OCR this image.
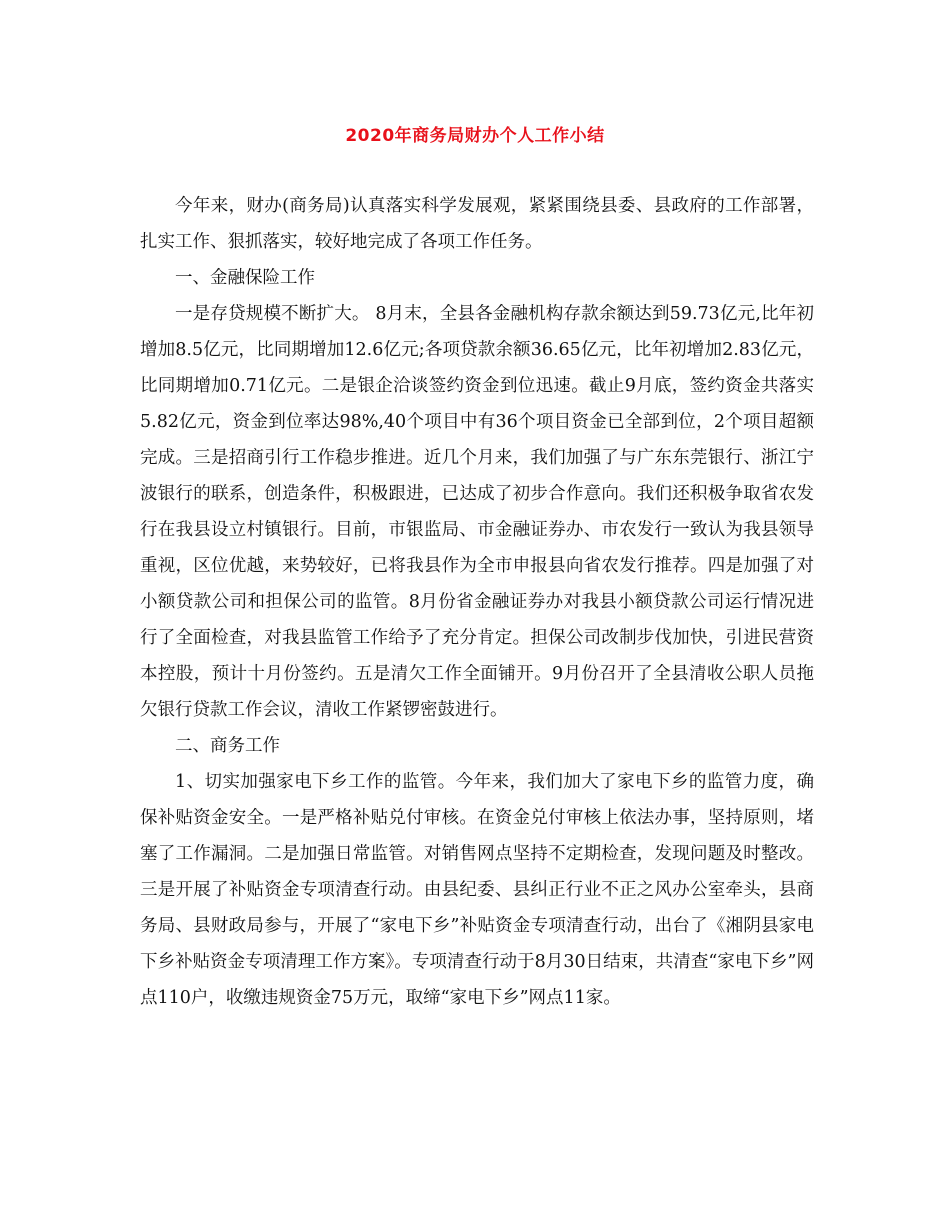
2020年商务局财办个人工作小结

今年来，财办(商务局)认真落实科学发展观，紧紧围绕县委、县政府的工作部署，扎实工作、狠抓落实，较好地完成了各项工作任务。

一、金融保险工作

一是存贷规模不断扩大。 8月末，全县各金融机构存款余额达到59.73亿元,比年初增加8.5亿元，比同期增加12.6亿元;各项贷款余额36.65亿元，比年初增加2.83亿元，比同期增加0.71亿元。二是银企洽谈签约资金到位迅速。截止9月底，签约资金共落实5.82亿元，资金到位率达98%,40个项目中有36个项目资金已全部到位，2个项目超额完成。三是招商引行工作稳步推进。近几个月来，我们加强了与广东东莞银行、浙江宁波银行的联系，创造条件，积极跟进，已达成了初步合作意向。我们还积极争取省农发行在我县设立村镇银行。目前，市银监局、市金融证券办、市农发行一致认为我县领导重视，区位优越，来势较好，已将我县作为全市申报县向省农发行推荐。四是加强了对小额贷款公司和担保公司的监管。8月份省金融证券办对我县小额贷款公司运行情况进行了全面检查，对我县监管工作给予了充分肯定。担保公司改制步伐加快，引进民营资本控股，预计十月份签约。五是清欠工作全面铺开。9月份召开了全县清收公职人员拖欠银行贷款工作会议，清收工作紧锣密鼓进行。

二、商务工作

1、切实加强家电下乡工作的监管。今年来，我们加大了家电下乡的监管力度，确保补贴资金安全。一是严格补贴兑付审核。在资金兑付审核上依法办事，坚持原则，堵塞了工作漏洞。二是加强日常监管。对销售网点坚持不定期检查，发现问题及时整改。三是开展了补贴资金专项清查行动。由县纪委、县纠正行业不正之风办公室牵头，县商务局、县财政局参与，开展了“家电下乡”补贴资金专项清查行动，出台了《湘阴县家电下乡补贴资金专项清理工作方案》。专项清查行动于8月30日结束，共清查“家电下乡”网点110户，收缴违规资金75万元，取缔“家电下乡”网点11家。
